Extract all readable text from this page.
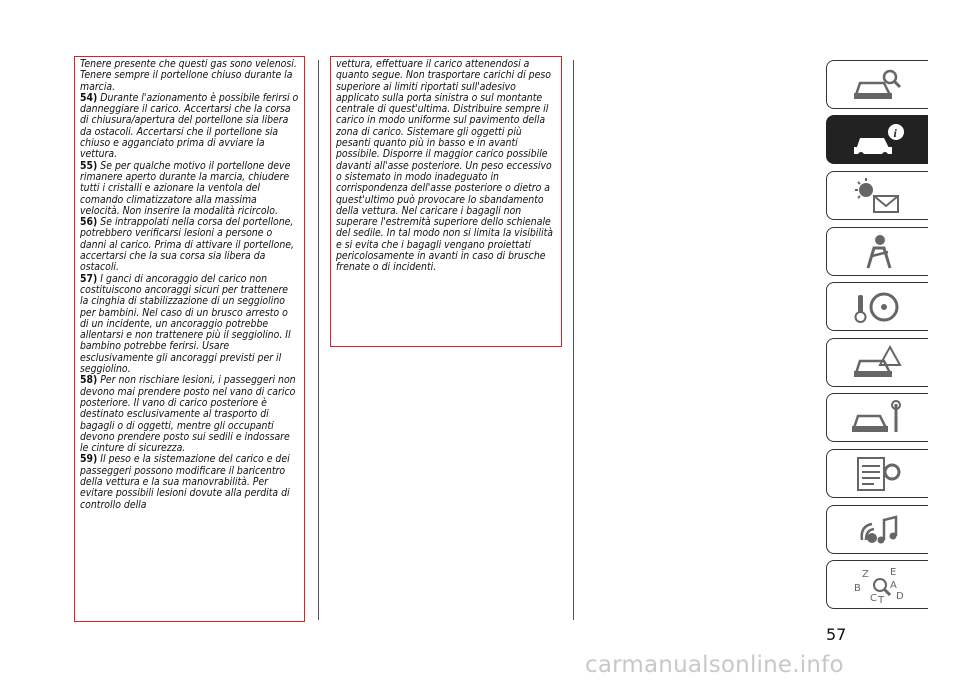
Tenere presente che questi gas sono velenosi. Tenere sempre il portellone chiuso durante la marcia.

54) Durante l'azionamento è possibile ferirsi o danneggiare il carico. Accertarsi che la corsa di chiusura/apertura del portellone sia libera da ostacoli. Accertarsi che il portellone sia chiuso e agganciato prima di avviare la vettura.

55) Se per qualche motivo il portellone deve rimanere aperto durante la marcia, chiudere tutti i cristalli e azionare la ventola del comando climatizzatore alla massima velocità. Non inserire la modalità ricircolo.

56) Se intrappolati nella corsa del portellone, potrebbero verificarsi lesioni a persone o danni al carico. Prima di attivare il portellone, accertarsi che la sua corsa sia libera da ostacoli.

57) I ganci di ancoraggio del carico non costituiscono ancoraggi sicuri per trattenere la cinghia di stabilizzazione di un seggiolino per bambini. Nel caso di un brusco arresto o di un incidente, un ancoraggio potrebbe allentarsi e non trattenere più il seggiolino. Il bambino potrebbe ferirsi. Usare esclusivamente gli ancoraggi previsti per il seggiolino.

58) Per non rischiare lesioni, i passeggeri non devono mai prendere posto nel vano di carico posteriore. Il vano di carico posteriore è destinato esclusivamente al trasporto di bagagli o di oggetti, mentre gli occupanti devono prendere posto sui sedili e indossare le cinture di sicurezza.

59) Il peso e la sistemazione del carico e dei passeggeri possono modificare il baricentro della vettura e la sua manovrabilità. Per evitare possibili lesioni dovute alla perdita di controllo della

vettura, effettuare il carico attenendosi a quanto segue. Non trasportare carichi di peso superiore ai limiti riportati sull'adesivo applicato sulla porta sinistra o sul montante centrale di quest'ultima. Distribuire sempre il carico in modo uniforme sul pavimento della zona di carico. Sistemare gli oggetti più pesanti quanto più in basso e in avanti possibile. Disporre il maggior carico possibile davanti all'asse posteriore. Un peso eccessivo o sistemato in modo inadeguato in corrispondenza dell'asse posteriore o dietro a quest'ultimo può provocare lo sbandamento della vettura. Nel caricare i bagagli non superare l'estremità superiore dello schienale del sedile. In tal modo non si limita la visibilità e si evita che i bagagli vengano proiettati pericolosamente in avanti in caso di brusche frenate o di incidenti.

i
Z E
B	A
C T D
57
carmanualsonline.info
